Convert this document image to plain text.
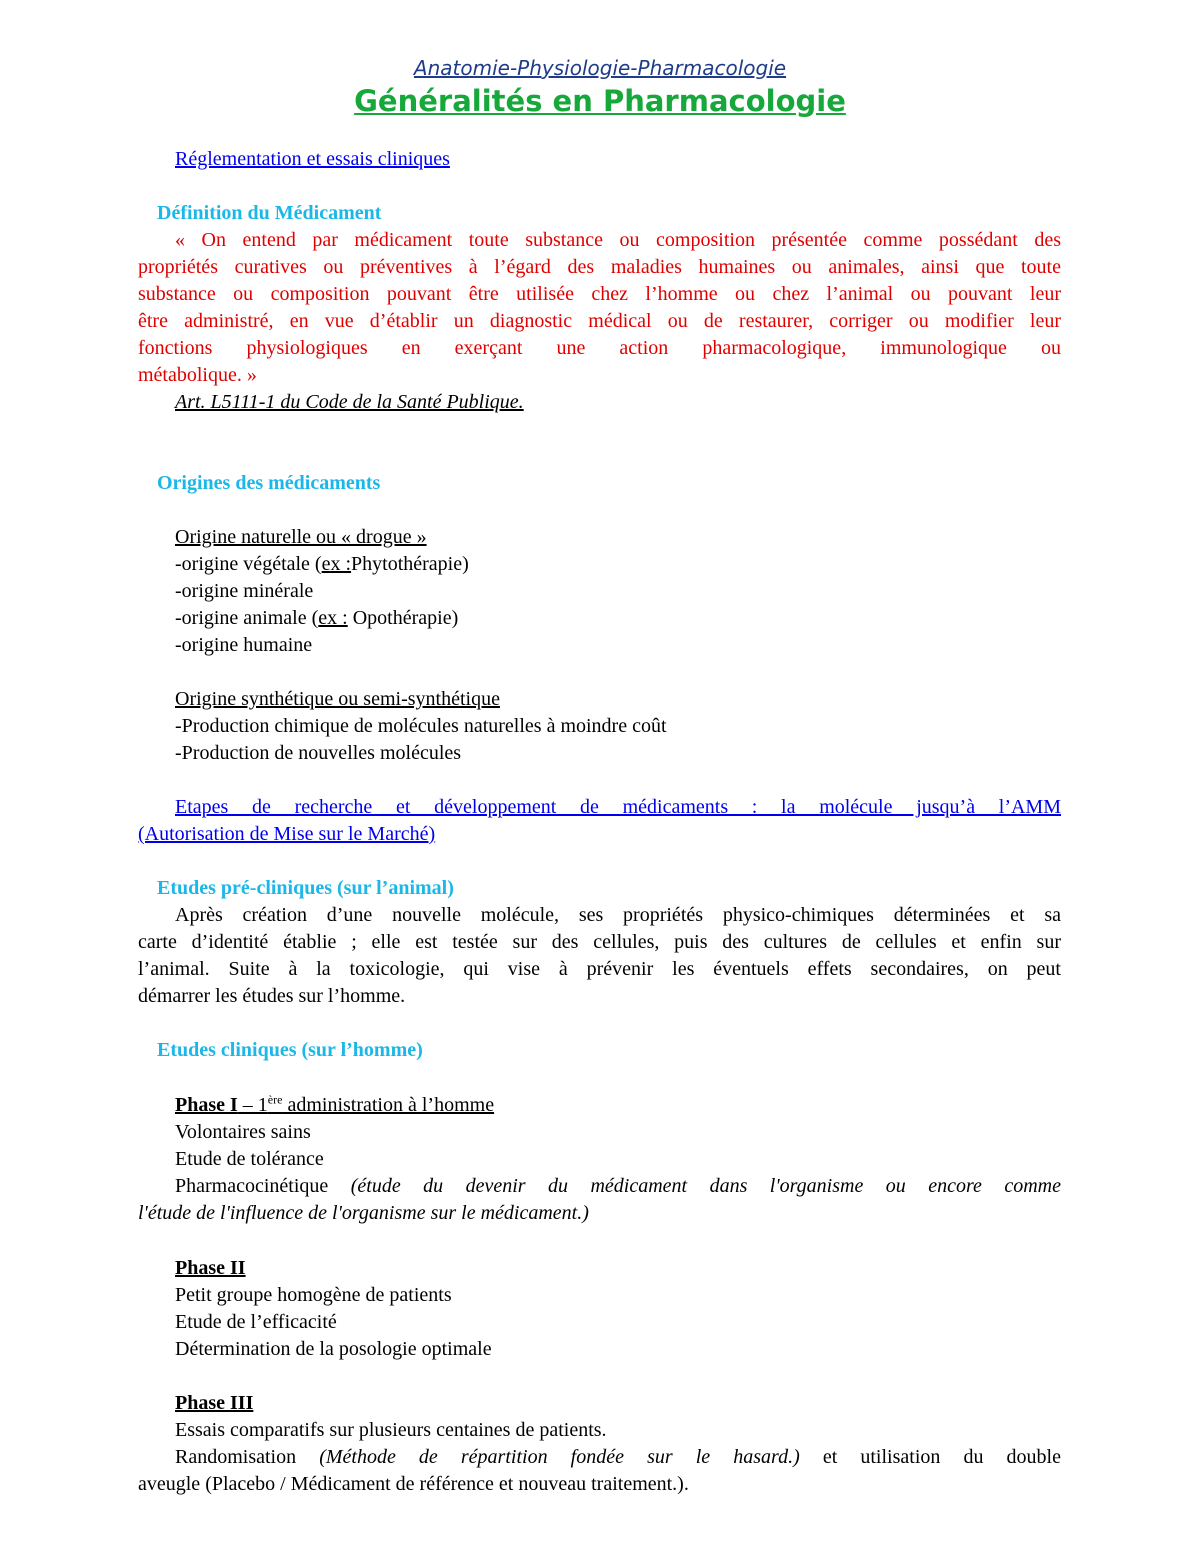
Anatomie-Physiologie-Pharmacologie
Généralités en Pharmacologie
Réglementation et essais cliniques
Définition du Médicament
« On entend par médicament toute substance ou composition présentée comme possédant des
propriétés curatives ou préventives à l’égard des maladies humaines ou animales, ainsi que toute
substance ou composition pouvant être utilisée chez l’homme ou chez l’animal ou pouvant leur
être administré, en vue d’établir un diagnostic médical ou de restaurer, corriger ou modifier leur
fonctions physiologiques en exerçant une action pharmacologique, immunologique ou
métabolique. »
Art. L5111-1 du Code de la Santé Publique.
Origines des médicaments
Origine naturelle ou « drogue »
-origine végétale (ex :Phytothérapie)
-origine minérale
-origine animale (ex : Opothérapie)
-origine humaine
Origine synthétique ou semi-synthétique
-Production chimique de molécules naturelles à moindre coût
-Production de nouvelles molécules
Etapes de recherche et développement de médicaments : la molécule jusqu’à l’AMM
(Autorisation de Mise sur le Marché)
Etudes pré-cliniques (sur l’animal)
Après création d’une nouvelle molécule, ses propriétés physico-chimiques déterminées et sa
carte d’identité établie ; elle est testée sur des cellules, puis des cultures de cellules et enfin sur
l’animal. Suite à la toxicologie, qui vise à prévenir les éventuels effets secondaires, on peut
démarrer les études sur l’homme.
Etudes cliniques (sur l’homme)
Phase I – 1ère administration à l’homme
Volontaires sains
Etude de tolérance
Pharmacocinétique (étude du devenir du médicament dans l'organisme ou encore comme
l'étude de l'influence de l'organisme sur le médicament.)
Phase II
Petit groupe homogène de patients
Etude de l’efficacité
Détermination de la posologie optimale
Phase III
Essais comparatifs sur plusieurs centaines de patients.
Randomisation (Méthode de répartition fondée sur le hasard.) et utilisation du double
aveugle (Placebo / Médicament de référence et nouveau traitement.).
